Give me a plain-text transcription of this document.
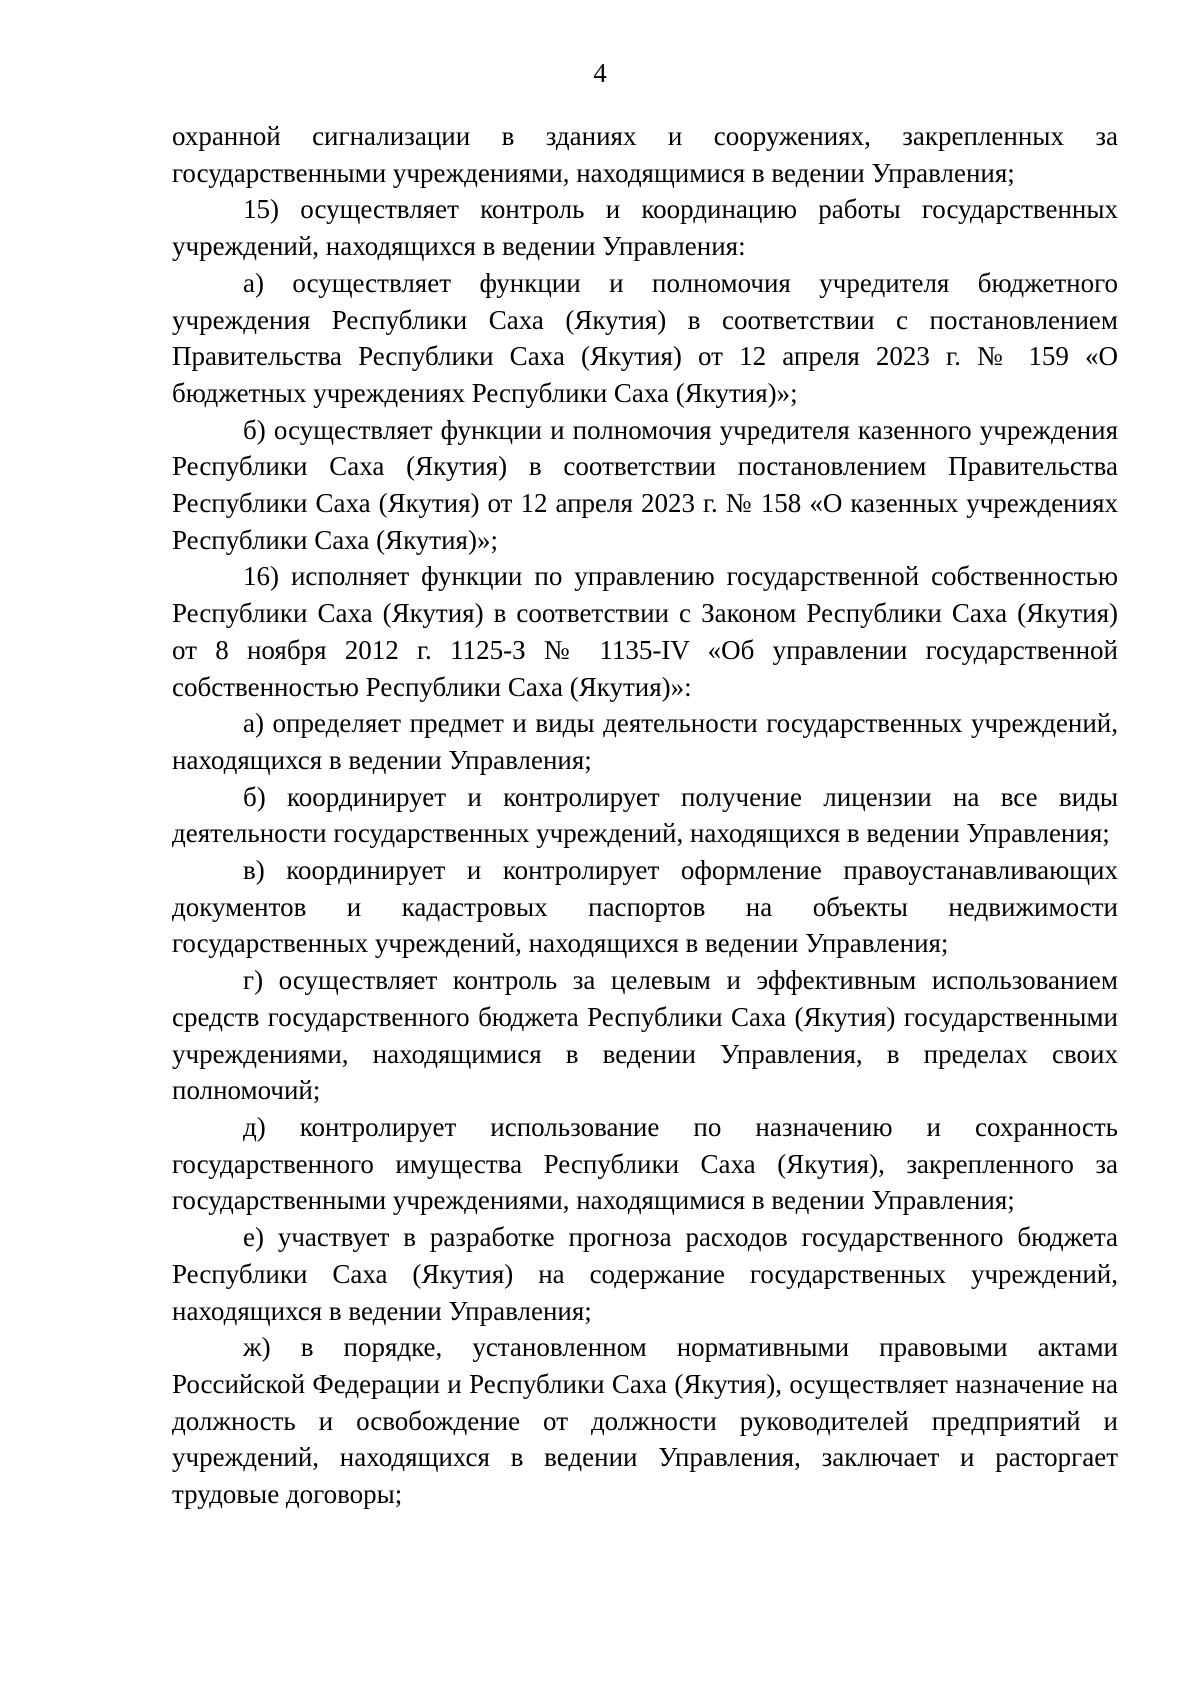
4

охранной сигнализации в зданиях и сооружениях, закрепленных за государственными учреждениями, находящимися в ведении Управления;

15) осуществляет контроль и координацию работы государственных учреждений, находящихся в ведении Управления:

а) осуществляет функции и полномочия учредителя бюджетного учреждения Республики Саха (Якутия) в соответствии с постановлением Правительства Республики Саха (Якутия) от 12 апреля 2023 г. № 159 «О бюджетных учреждениях Республики Саха (Якутия)»;

б) осуществляет функции и полномочия учредителя казенного учреждения Республики Саха (Якутия) в соответствии постановлением Правительства Республики Саха (Якутия) от 12 апреля 2023 г. № 158 «О казенных учреждениях Республики Саха (Якутия)»;

16) исполняет функции по управлению государственной собственностью Республики Саха (Якутия) в соответствии с Законом Республики Саха (Якутия) от 8 ноября 2012 г. 1125-З № 1135-IV «Об управлении государственной собственностью Республики Саха (Якутия)»:

а) определяет предмет и виды деятельности государственных учреждений, находящихся в ведении Управления;

б) координирует и контролирует получение лицензии на все виды деятельности государственных учреждений, находящихся в ведении Управления;

в) координирует и контролирует оформление правоустанавливающих документов и кадастровых паспортов на объекты недвижимости государственных учреждений, находящихся в ведении Управления;

г) осуществляет контроль за целевым и эффективным использованием средств государственного бюджета Республики Саха (Якутия) государственными учреждениями, находящимися в ведении Управления, в пределах своих полномочий;

д) контролирует использование по назначению и сохранность государственного имущества Республики Саха (Якутия), закрепленного за государственными учреждениями, находящимися в ведении Управления;

е) участвует в разработке прогноза расходов государственного бюджета Республики Саха (Якутия) на содержание государственных учреждений, находящихся в ведении Управления;

ж) в порядке, установленном нормативными правовыми актами Российской Федерации и Республики Саха (Якутия), осуществляет назначение на должность и освобождение от должности руководителей предприятий и учреждений, находящихся в ведении Управления, заключает и расторгает трудовые договоры;
